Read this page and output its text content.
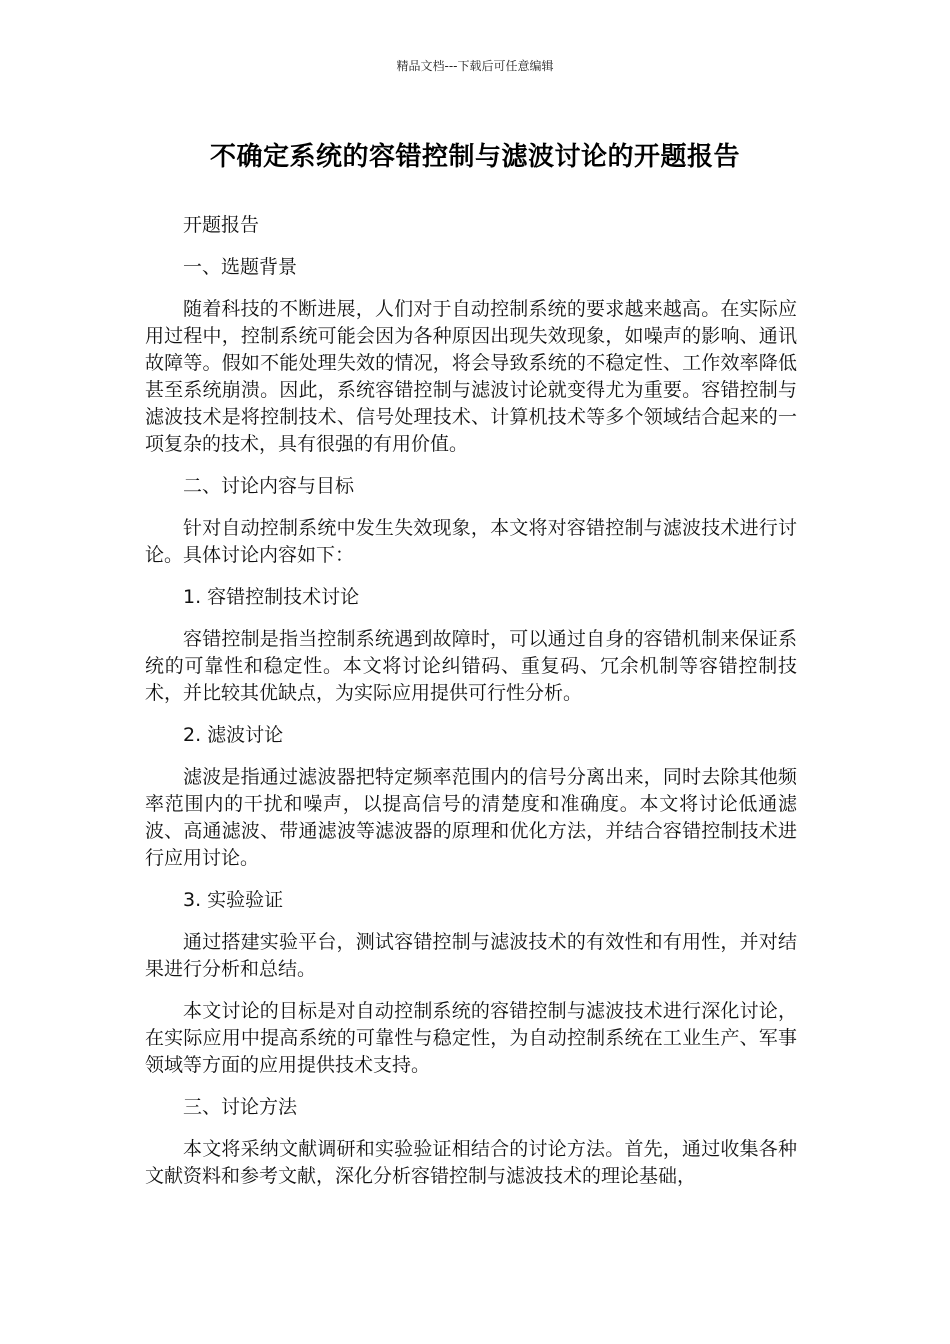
精品文档---下载后可任意编辑
不确定系统的容错控制与滤波讨论的开题报告

开题报告

一、选题背景

随着科技的不断进展，人们对于自动控制系统的要求越来越高。在实际应用过程中，控制系统可能会因为各种原因出现失效现象，如噪声的影响、通讯故障等。假如不能处理失效的情况，将会导致系统的不稳定性、工作效率降低甚至系统崩溃。因此，系统容错控制与滤波讨论就变得尤为重要。容错控制与滤波技术是将控制技术、信号处理技术、计算机技术等多个领域结合起来的一项复杂的技术，具有很强的有用价值。

二、讨论内容与目标

针对自动控制系统中发生失效现象，本文将对容错控制与滤波技术进行讨论。具体讨论内容如下：

1. 容错控制技术讨论

容错控制是指当控制系统遇到故障时，可以通过自身的容错机制来保证系统的可靠性和稳定性。本文将讨论纠错码、重复码、冗余机制等容错控制技术，并比较其优缺点，为实际应用提供可行性分析。

2. 滤波讨论

滤波是指通过滤波器把特定频率范围内的信号分离出来，同时去除其他频率范围内的干扰和噪声，以提高信号的清楚度和准确度。本文将讨论低通滤波、高通滤波、带通滤波等滤波器的原理和优化方法，并结合容错控制技术进行应用讨论。

3. 实验验证

通过搭建实验平台，测试容错控制与滤波技术的有效性和有用性，并对结果进行分析和总结。

本文讨论的目标是对自动控制系统的容错控制与滤波技术进行深化讨论，在实际应用中提高系统的可靠性与稳定性，为自动控制系统在工业生产、军事领域等方面的应用提供技术支持。

三、讨论方法

本文将采纳文献调研和实验验证相结合的讨论方法。首先，通过收集各种文献资料和参考文献，深化分析容错控制与滤波技术的理论基础，
